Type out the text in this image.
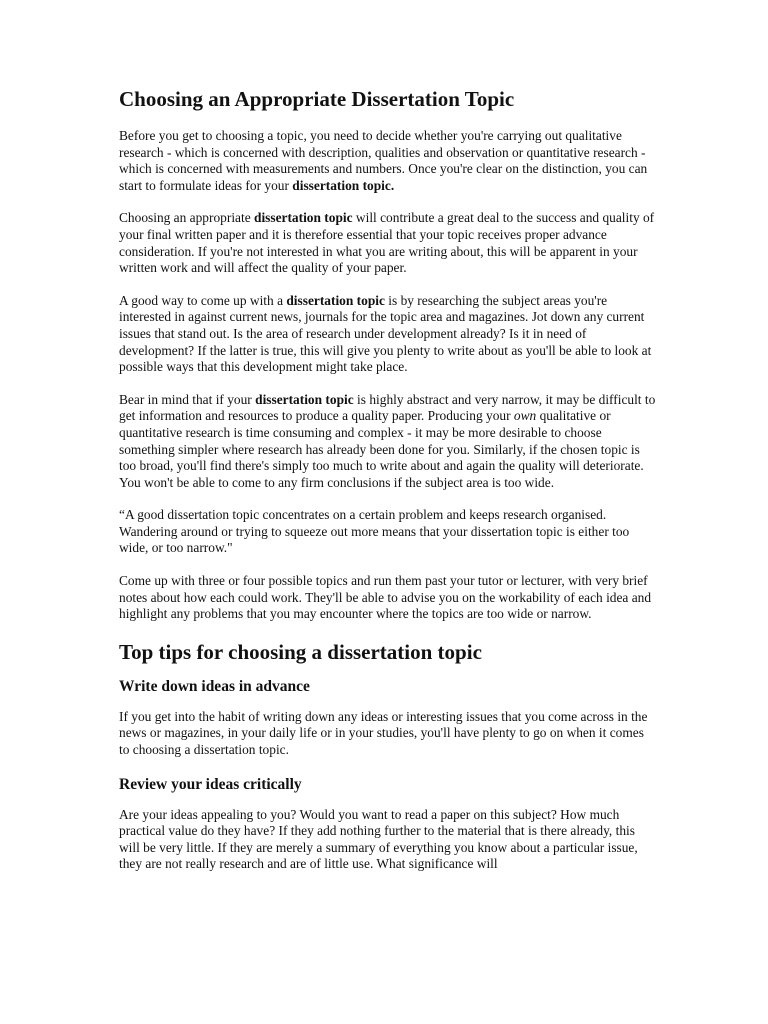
Choosing an Appropriate Dissertation Topic

Before you get to choosing a topic, you need to decide whether you're carrying out qualitative research - which is concerned with description, qualities and observation or quantitative research - which is concerned with measurements and numbers. Once you're clear on the distinction, you can start to formulate ideas for your dissertation topic.

Choosing an appropriate dissertation topic will contribute a great deal to the success and quality of your final written paper and it is therefore essential that your topic receives proper advance consideration. If you're not interested in what you are writing about, this will be apparent in your written work and will affect the quality of your paper.

A good way to come up with a dissertation topic is by researching the subject areas you're interested in against current news, journals for the topic area and magazines. Jot down any current issues that stand out. Is the area of research under development already? Is it in need of development? If the latter is true, this will give you plenty to write about as you'll be able to look at possible ways that this development might take place.

Bear in mind that if your dissertation topic is highly abstract and very narrow, it may be difficult to get information and resources to produce a quality paper. Producing your own qualitative or quantitative research is time consuming and complex - it may be more desirable to choose something simpler where research has already been done for you. Similarly, if the chosen topic is too broad, you'll find there's simply too much to write about and again the quality will deteriorate. You won't be able to come to any firm conclusions if the subject area is too wide.

“A good dissertation topic concentrates on a certain problem and keeps research organised. Wandering around or trying to squeeze out more means that your dissertation topic is either too wide, or too narrow."

Come up with three or four possible topics and run them past your tutor or lecturer, with very brief notes about how each could work. They'll be able to advise you on the workability of each idea and highlight any problems that you may encounter where the topics are too wide or narrow.

Top tips for choosing a dissertation topic
Write down ideas in advance

If you get into the habit of writing down any ideas or interesting issues that you come across in the news or magazines, in your daily life or in your studies, you'll have plenty to go on when it comes to choosing a dissertation topic.

Review your ideas critically

Are your ideas appealing to you? Would you want to read a paper on this subject? How much practical value do they have? If they add nothing further to the material that is there already, this will be very little. If they are merely a summary of everything you know about a particular issue, they are not really research and are of little use. What significance will
